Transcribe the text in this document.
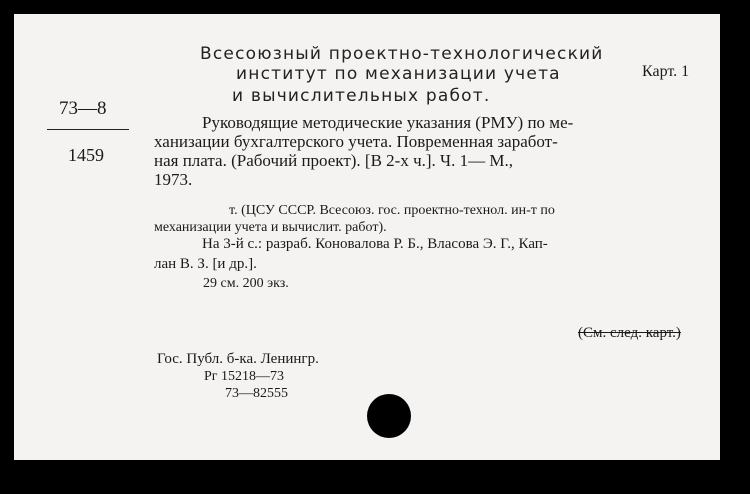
Всесоюзный проектно-технологический
институт по механизации учета	Карт. 1
и вычислительных работ.
73—8
1459
Руководящие методические указания (РМУ) по ме-
ханизации бухгалтерского учета. Повременная заработ-
ная плата. (Рабочий проект). [В 2-х ч.]. Ч. 1— М.,
1973.
т. (ЦСУ СССР. Всесоюз. гос. проектно-технол. ин-т по
механизации учета и вычислит. работ).
На 3-й с.: разраб. Коновалова Р. Б., Власова Э. Г., Кап-
лан В. З. [и др.].
29 см. 200 экз.
(См. след. карт.)
Гос. Публ. б-ка. Ленингр.
Рг 15218—73
73—82555
